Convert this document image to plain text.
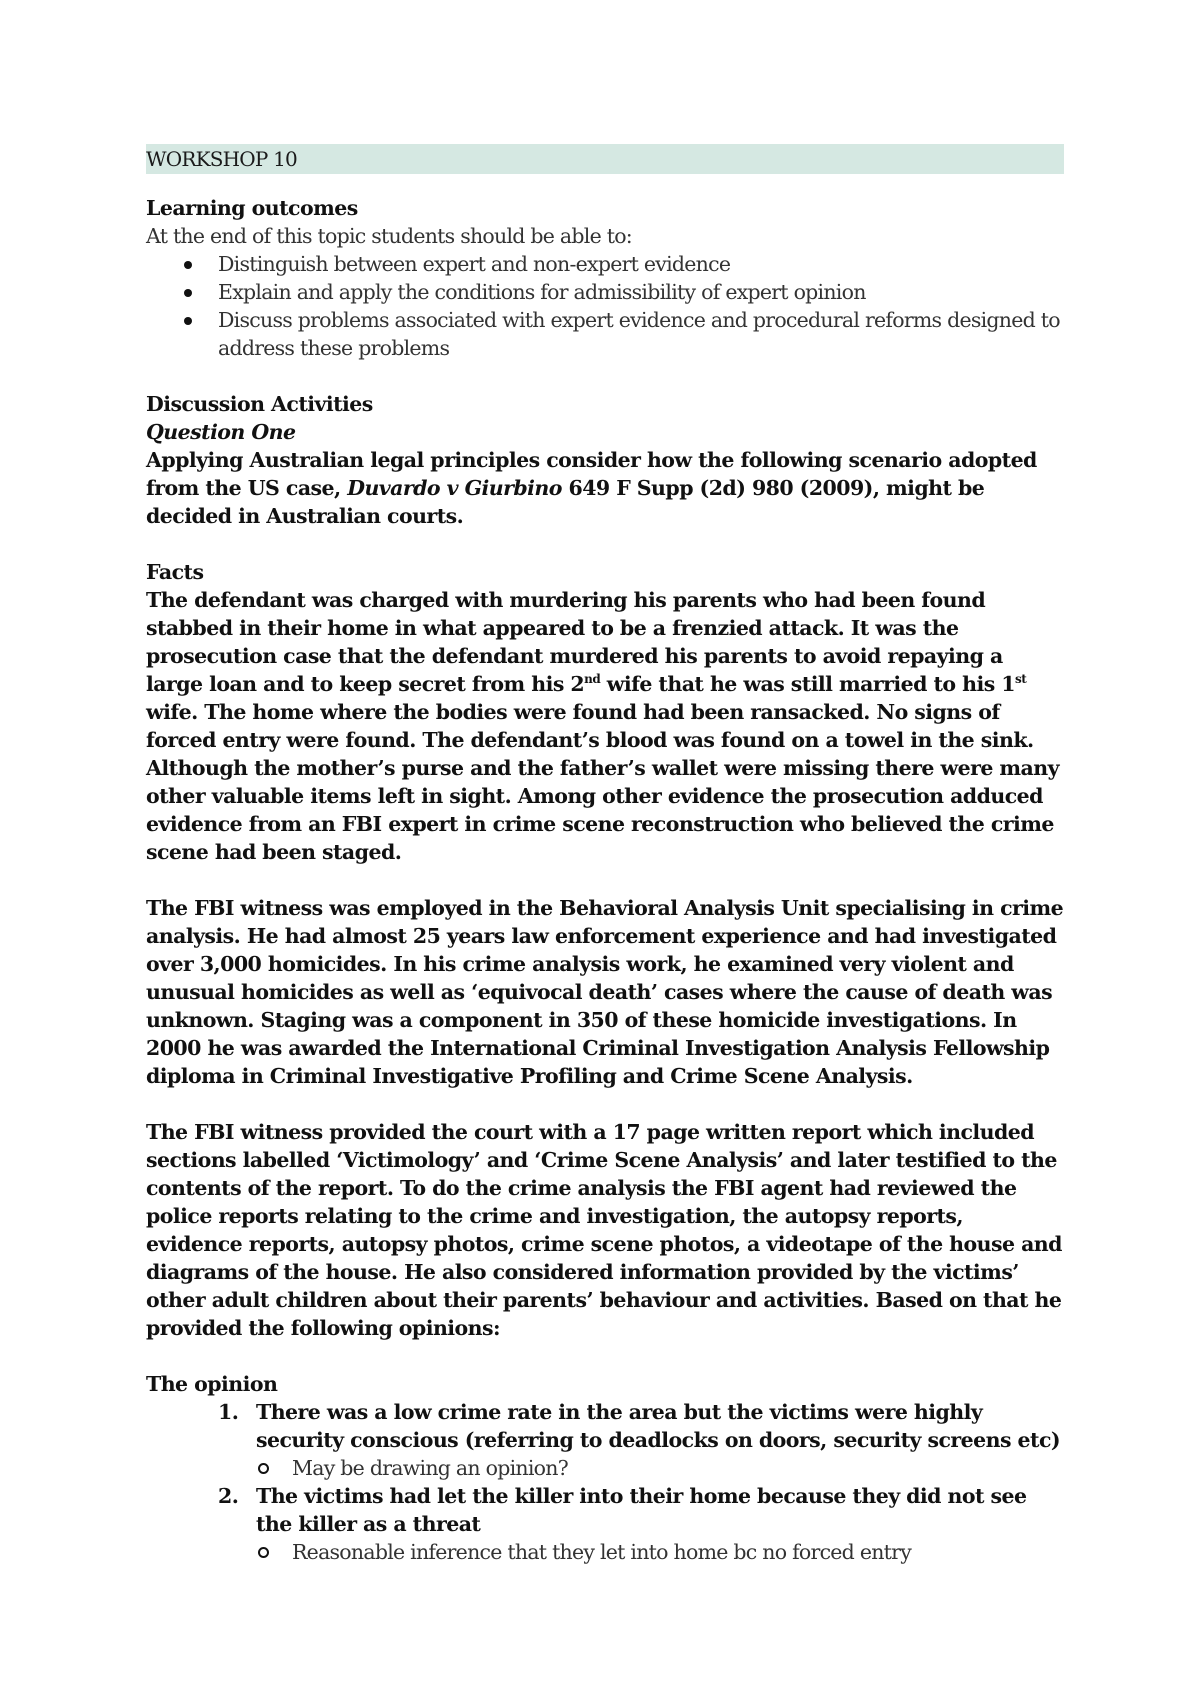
WORKSHOP 10

Learning outcomes

At the end of this topic students should be able to:

Distinguish between expert and non-expert evidence
Explain and apply the conditions for admissibility of expert opinion
Discuss problems associated with expert evidence and procedural reforms designed to address these problems

Discussion Activities

Question One

Applying Australian legal principles consider how the following scenario adopted from the US case, Duvardo v Giurbino 649 F Supp (2d) 980 (2009), might be decided in Australian courts.

Facts

The defendant was charged with murdering his parents who had been found stabbed in their home in what appeared to be a frenzied attack. It was the prosecution case that the defendant murdered his parents to avoid repaying a large loan and to keep secret from his 2nd wife that he was still married to his 1st wife. The home where the bodies were found had been ransacked. No signs of forced entry were found. The defendant’s blood was found on a towel in the sink. Although the mother’s purse and the father’s wallet were missing there were many other valuable items left in sight. Among other evidence the prosecution adduced evidence from an FBI expert in crime scene reconstruction who believed the crime scene had been staged.

The FBI witness was employed in the Behavioral Analysis Unit specialising in crime analysis. He had almost 25 years law enforcement experience and had investigated over 3,000 homicides. In his crime analysis work, he examined very violent and unusual homicides as well as ‘equivocal death’ cases where the cause of death was unknown. Staging was a component in 350 of these homicide investigations. In 2000 he was awarded the International Criminal Investigation Analysis Fellowship diploma in Criminal Investigative Profiling and Crime Scene Analysis.

The FBI witness provided the court with a 17 page written report which included sections labelled ‘Victimology’ and ‘Crime Scene Analysis’ and later testified to the contents of the report. To do the crime analysis the FBI agent had reviewed the police reports relating to the crime and investigation, the autopsy reports, evidence reports, autopsy photos, crime scene photos, a videotape of the house and diagrams of the house. He also considered information provided by the victims’ other adult children about their parents’ behaviour and activities. Based on that he provided the following opinions:

The opinion

1. There was a low crime rate in the area but the victims were highly security conscious (referring to deadlocks on doors, security screens etc)
May be drawing an opinion?
2. The victims had let the killer into their home because they did not see the killer as a threat
Reasonable inference that they let into home bc no forced entry
